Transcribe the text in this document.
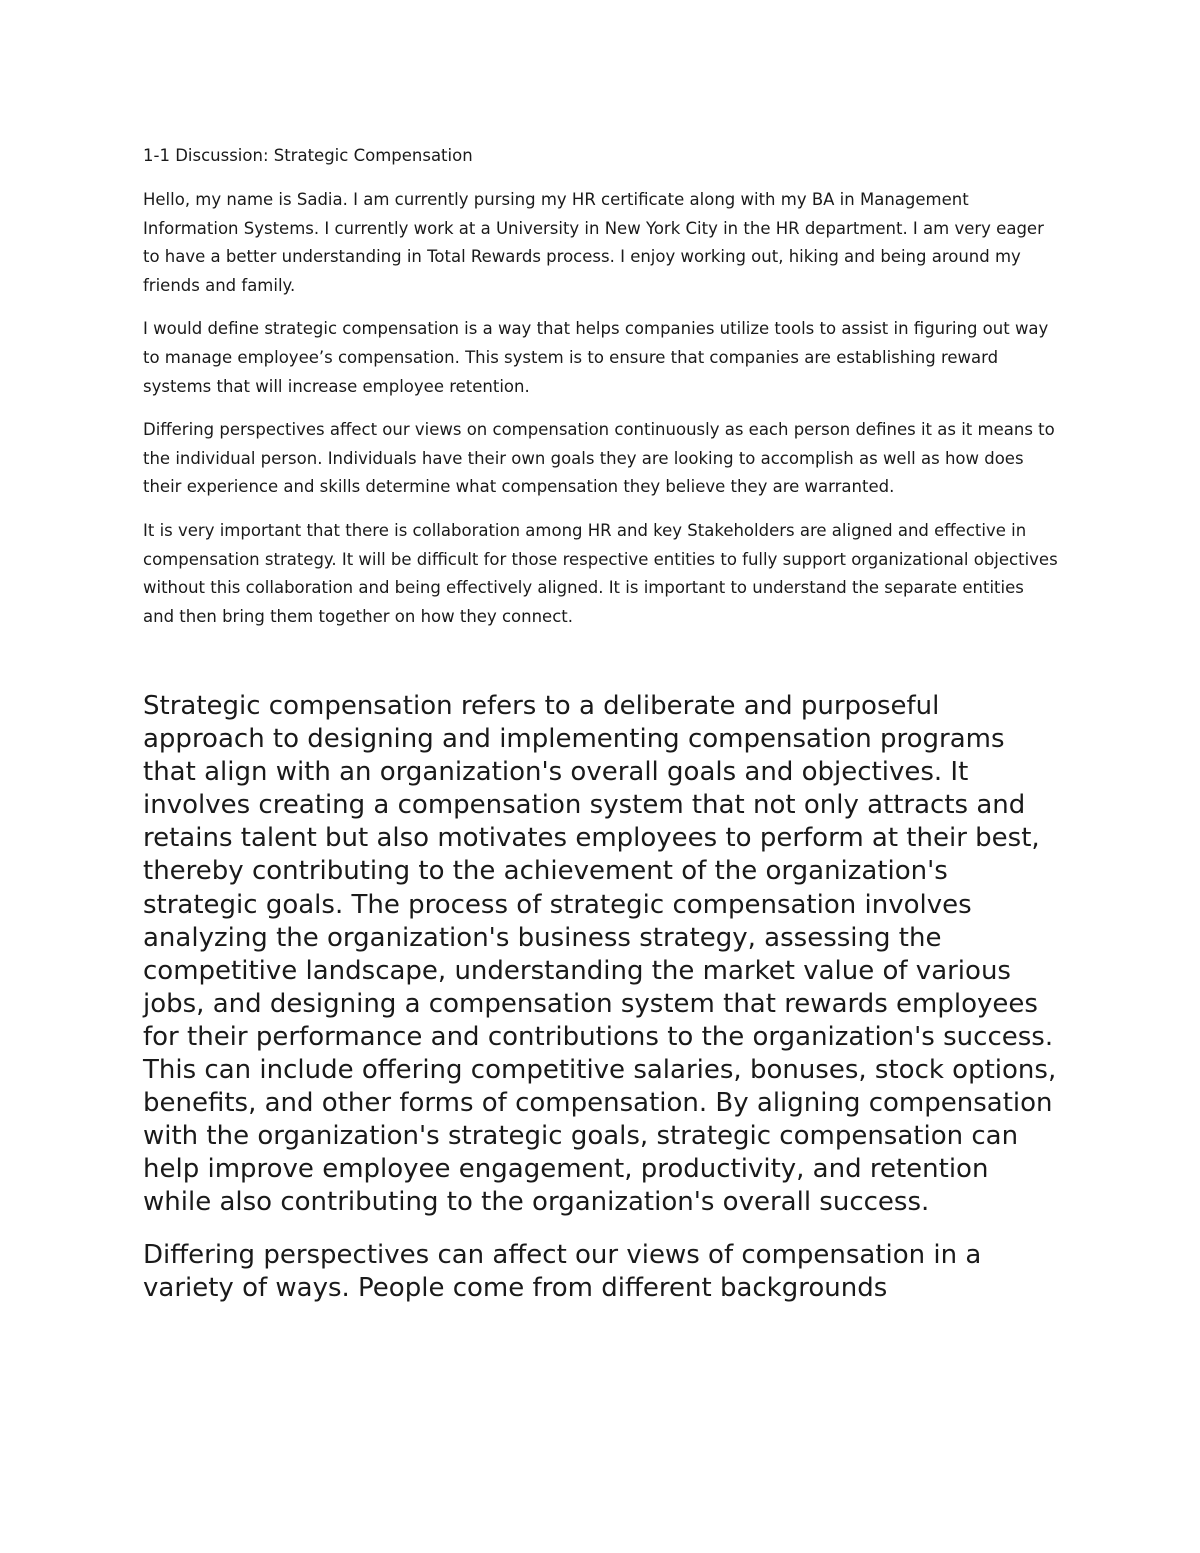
1-1 Discussion: Strategic Compensation

Hello, my name is Sadia. I am currently pursing my HR certificate along with my BA in Management Information Systems. I currently work at a University in New York City in the HR department. I am very eager to have a better understanding in Total Rewards process. I enjoy working out, hiking and being around my friends and family.

I would define strategic compensation is a way that helps companies utilize tools to assist in figuring out way to manage employee’s compensation. This system is to ensure that companies are establishing reward systems that will increase employee retention.

Differing perspectives affect our views on compensation continuously as each person defines it as it means to the individual person. Individuals have their own goals they are looking to accomplish as well as how does their experience and skills determine what compensation they believe they are warranted.

It is very important that there is collaboration among HR and key Stakeholders are aligned and effective in compensation strategy. It will be difficult for those respective entities to fully support organizational objectives without this collaboration and being effectively aligned. It is important to understand the separate entities and then bring them together on how they connect.

Strategic compensation refers to a deliberate and purposeful approach to designing and implementing compensation programs that align with an organization's overall goals and objectives. It involves creating a compensation system that not only attracts and retains talent but also motivates employees to perform at their best, thereby contributing to the achievement of the organization's strategic goals. The process of strategic compensation involves analyzing the organization's business strategy, assessing the competitive landscape, understanding the market value of various jobs, and designing a compensation system that rewards employees for their performance and contributions to the organization's success. This can include offering competitive salaries, bonuses, stock options, benefits, and other forms of compensation. By aligning compensation with the organization's strategic goals, strategic compensation can help improve employee engagement, productivity, and retention while also contributing to the organization's overall success.

Differing perspectives can affect our views of compensation in a variety of ways. People come from different backgrounds
